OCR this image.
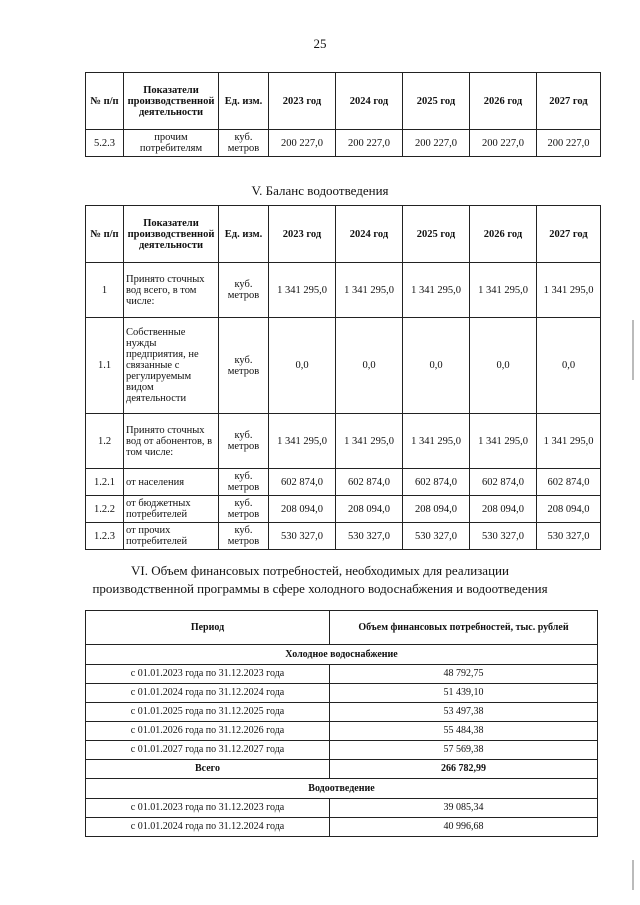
25
№ п/п	Показатели производственной деятельности	Ед. изм.	2023 год	2024 год	2025 год	2026 год	2027 год
5.2.3	прочим потребителям	куб. метров	200 227,0	200 227,0	200 227,0	200 227,0	200 227,0
V. Баланс водоотведения
№ п/п	Показатели производственной деятельности	Ед. изм.	2023 год	2024 год	2025 год	2026 год	2027 год
1	Принято сточных вод всего, в том числе:	куб. метров	1 341 295,0	1 341 295,0	1 341 295,0	1 341 295,0	1 341 295,0
1.1	Собственные нужды предприятия, не связанные с регулируемым видом деятельности	куб. метров	0,0	0,0	0,0	0,0	0,0
1.2	Принято сточных вод от абонентов, в том числе:	куб. метров	1 341 295,0	1 341 295,0	1 341 295,0	1 341 295,0	1 341 295,0
1.2.1	от населения	куб. метров	602 874,0	602 874,0	602 874,0	602 874,0	602 874,0
1.2.2	от бюджетных потребителей	куб. метров	208 094,0	208 094,0	208 094,0	208 094,0	208 094,0
1.2.3	от прочих потребителей	куб. метров	530 327,0	530 327,0	530 327,0	530 327,0	530 327,0
VI. Объем финансовых потребностей, необходимых для реализации
производственной программы в сфере холодного водоснабжения и водоотведения
Период	Объем финансовых потребностей, тыс. рублей
Холодное водоснабжение	
с 01.01.2023 года по 31.12.2023 года	48 792,75
с 01.01.2024 года по 31.12.2024 года	51 439,10
с 01.01.2025 года по 31.12.2025 года	53 497,38
с 01.01.2026 года по 31.12.2026 года	55 484,38
с 01.01.2027 года по 31.12.2027 года	57 569,38
Всего	266 782,99
Водоотведение	
с 01.01.2023 года по 31.12.2023 года	39 085,34
с 01.01.2024 года по 31.12.2024 года	40 996,68
